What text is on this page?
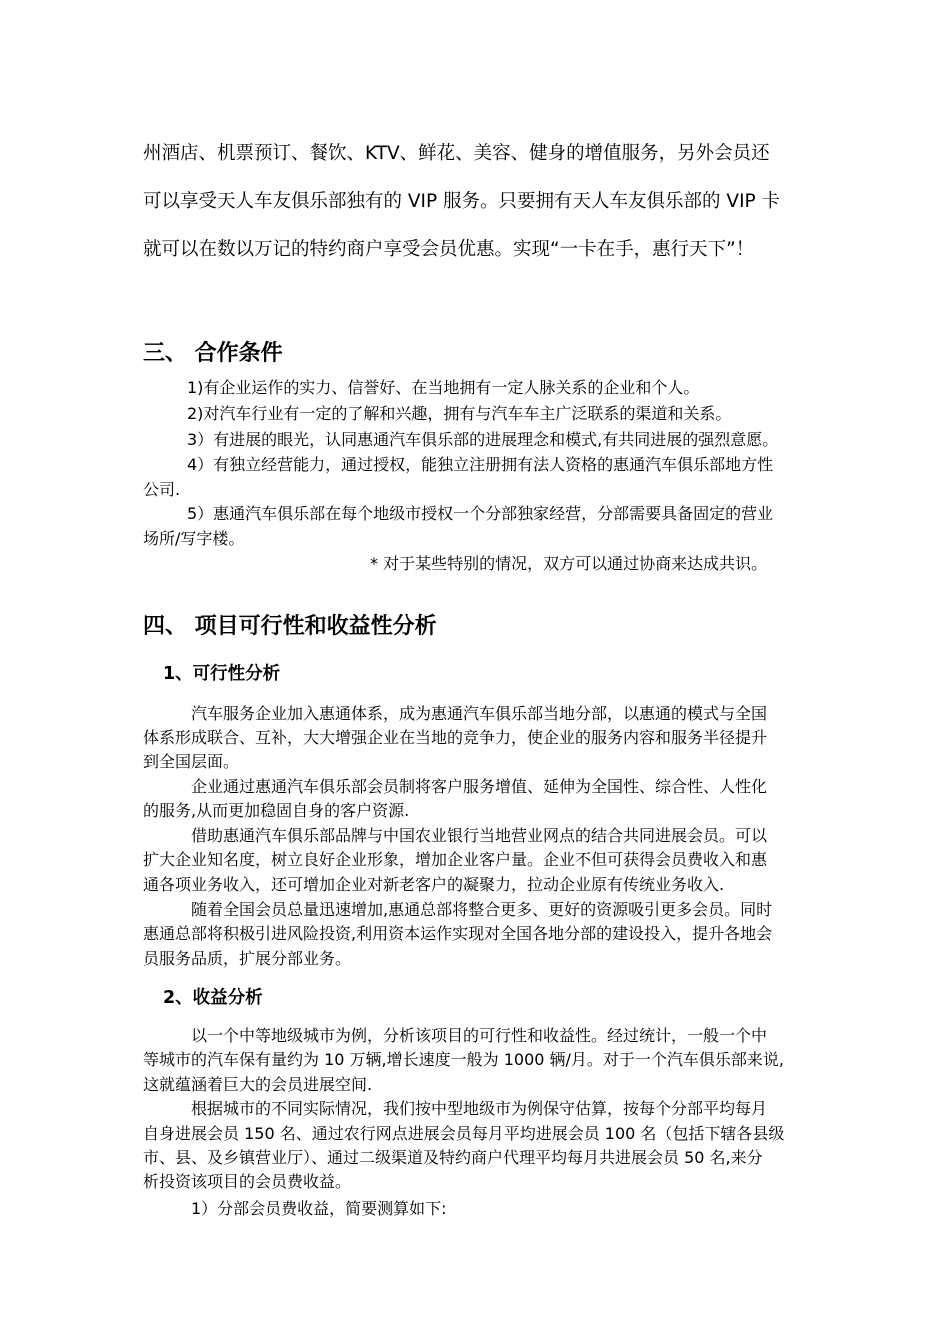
州酒店、机票预订、餐饮、KTV、鲜花、美容、健身的增值服务，另外会员还

可以享受天人车友俱乐部独有的 VIP 服务。只要拥有天人车友俱乐部的 VIP 卡

就可以在数以万记的特约商户享受会员优惠。实现“一卡在手，惠行天下”！

三、 合作条件

1)有企业运作的实力、信誉好、在当地拥有一定人脉关系的企业和个人。

2)对汽车行业有一定的了解和兴趣，拥有与汽车车主广泛联系的渠道和关系。

3）有进展的眼光，认同惠通汽车俱乐部的进展理念和模式,有共同进展的强烈意愿。

4）有独立经营能力，通过授权，能独立注册拥有法人资格的惠通汽车俱乐部地方性

公司.

5）惠通汽车俱乐部在每个地级市授权一个分部独家经营，分部需要具备固定的营业

场所/写字楼。

* 对于某些特别的情况，双方可以通过协商来达成共识。

四、 项目可行性和收益性分析
1、可行性分析

汽车服务企业加入惠通体系，成为惠通汽车俱乐部当地分部，以惠通的模式与全国

体系形成联合、互补，大大增强企业在当地的竞争力，使企业的服务内容和服务半径提升

到全国层面。

企业通过惠通汽车俱乐部会员制将客户服务增值、延伸为全国性、综合性、人性化

的服务,从而更加稳固自身的客户资源.

借助惠通汽车俱乐部品牌与中国农业银行当地营业网点的结合共同进展会员。可以

扩大企业知名度，树立良好企业形象，增加企业客户量。企业不但可获得会员费收入和惠

通各项业务收入，还可增加企业对新老客户的凝聚力，拉动企业原有传统业务收入.

随着全国会员总量迅速增加,惠通总部将整合更多、更好的资源吸引更多会员。同时

惠通总部将积极引进风险投资,利用资本运作实现对全国各地分部的建设投入，提升各地会

员服务品质，扩展分部业务。

2、收益分析

以一个中等地级城市为例，分析该项目的可行性和收益性。经过统计，一般一个中

等城市的汽车保有量约为 10 万辆,增长速度一般为 1000 辆/月。对于一个汽车俱乐部来说,

这就蕴涵着巨大的会员进展空间.

根据城市的不同实际情况，我们按中型地级市为例保守估算，按每个分部平均每月

自身进展会员 150 名、通过农行网点进展会员每月平均进展会员 100 名（包括下辖各县级

市、县、及乡镇营业厅）、通过二级渠道及特约商户代理平均每月共进展会员 50 名,来分

析投资该项目的会员费收益。

1）分部会员费收益，简要测算如下:
